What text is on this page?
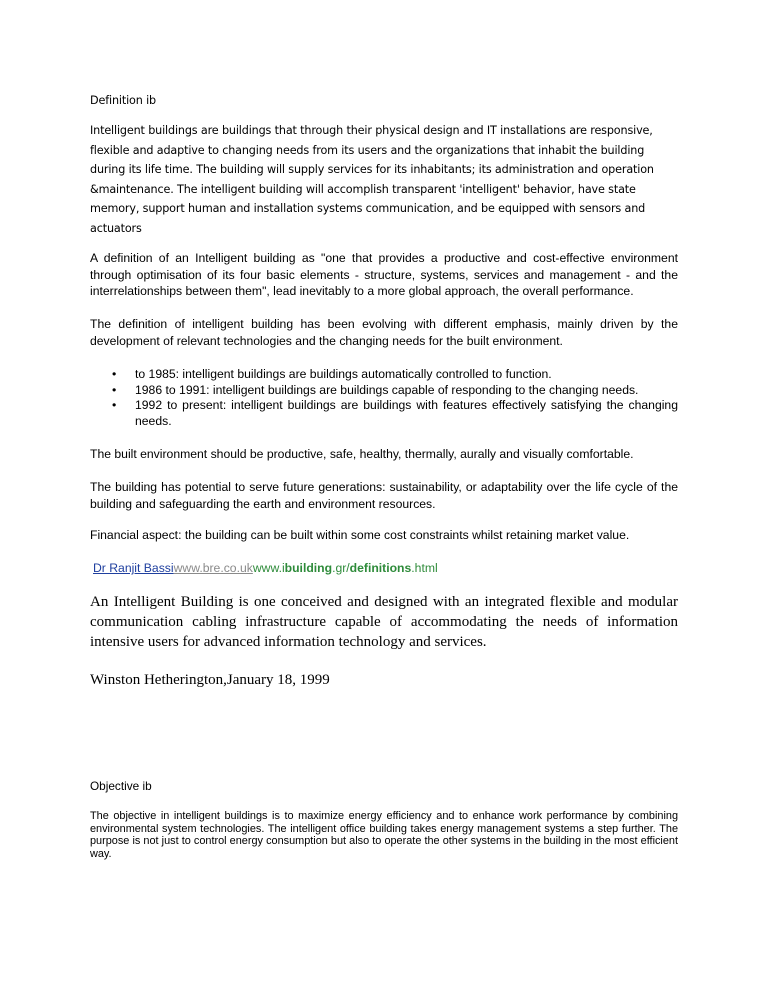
Definition ib

Intelligent buildings are buildings that through their physical design and IT installations are responsive, flexible and adaptive to changing needs from its users and the organizations that inhabit the building during its life time. The building will supply services for its inhabitants; its administration and operation &maintenance. The intelligent building will accomplish transparent 'intelligent' behavior, have state memory, support human and installation systems communication, and be equipped with sensors and actuators

A definition of an Intelligent building as "one that provides a productive and cost-effective environment through optimisation of its four basic elements - structure, systems, services and management - and the interrelationships between them", lead inevitably to a more global approach, the overall performance.

The definition of intelligent building has been evolving with different emphasis, mainly driven by the development of relevant technologies and the changing needs for the built environment.

• to 1985: intelligent buildings are buildings automatically controlled to function.
• 1986 to 1991: intelligent buildings are buildings capable of responding to the changing needs.
• 1992 to present: intelligent buildings are buildings with features effectively satisfying the changing needs.

The built environment should be productive, safe, healthy, thermally, aurally and visually comfortable.

The building has potential to serve future generations: sustainability, or adaptability over the life cycle of the building and safeguarding the earth and environment resources.

Financial aspect: the building can be built within some cost constraints whilst retaining market value.

Dr Ranjit Bassiwww.bre.co.ukwww.ibuilding.gr/definitions.html

An Intelligent Building is one conceived and designed with an integrated flexible and modular communication cabling infrastructure capable of accommodating the needs of information intensive users for advanced information technology and services.

Winston Hetherington,January 18, 1999

Objective ib

The objective in intelligent buildings is to maximize energy efficiency and to enhance work performance by combining environmental system technologies. The intelligent office building takes energy management systems a step further. The purpose is not just to control energy consumption but also to operate the other systems in the building in the most efficient way.
